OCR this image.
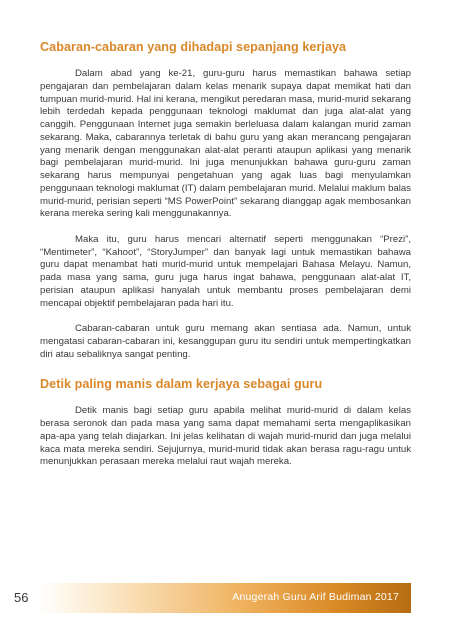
Cabaran-cabaran yang dihadapi sepanjang kerjaya

Dalam abad yang ke-21, guru-guru harus memastikan bahawa setiap pengajaran dan pembelajaran dalam kelas menarik supaya dapat memikat hati dan tumpuan murid-murid. Hal ini kerana, mengikut peredaran masa, murid-murid sekarang lebih terdedah kepada penggunaan teknologi maklumat dan juga alat-alat yang canggih. Penggunaan Internet juga semakin berleluasa dalam kalangan murid zaman sekarang. Maka, cabarannya terletak di bahu guru yang akan merancang pengajaran yang menarik dengan menggunakan alat-alat peranti ataupun aplikasi yang menarik bagi pembelajaran murid-murid. Ini juga menunjukkan bahawa guru-guru zaman sekarang harus mempunyai pengetahuan yang agak luas bagi menyulamkan penggunaan teknologi maklumat (IT) dalam pembelajaran murid. Melalui maklum balas murid-murid, perisian seperti “MS PowerPoint” sekarang dianggap agak membosankan kerana mereka sering kali menggunakannya.

Maka itu, guru harus mencari alternatif seperti menggunakan “Prezi”, “Mentimeter”, “Kahoot”, “StoryJumper” dan banyak lagi untuk memastikan bahawa guru dapat menambat hati murid-murid untuk mempelajari Bahasa Melayu. Namun, pada masa yang sama, guru juga harus ingat bahawa, penggunaan alat-alat IT, perisian ataupun aplikasi hanyalah untuk membantu proses pembelajaran demi mencapai objektif pembelajaran pada hari itu.

Cabaran-cabaran untuk guru memang akan sentiasa ada. Namun, untuk mengatasi cabaran-cabaran ini, kesanggupan guru itu sendiri untuk mempertingkatkan diri atau sebaliknya sangat penting.

Detik paling manis dalam kerjaya sebagai guru

Detik manis bagi setiap guru apabila melihat murid-murid di dalam kelas berasa seronok dan pada masa yang sama dapat memahami serta mengaplikasikan apa-apa yang telah diajarkan. Ini jelas kelihatan di wajah murid-murid dan juga melalui kaca mata mereka sendiri. Sejujurnya, murid-murid tidak akan berasa ragu-ragu untuk menunjukkan perasaan mereka melalui raut wajah mereka.

56	Anugerah Guru Arif Budiman 2017
